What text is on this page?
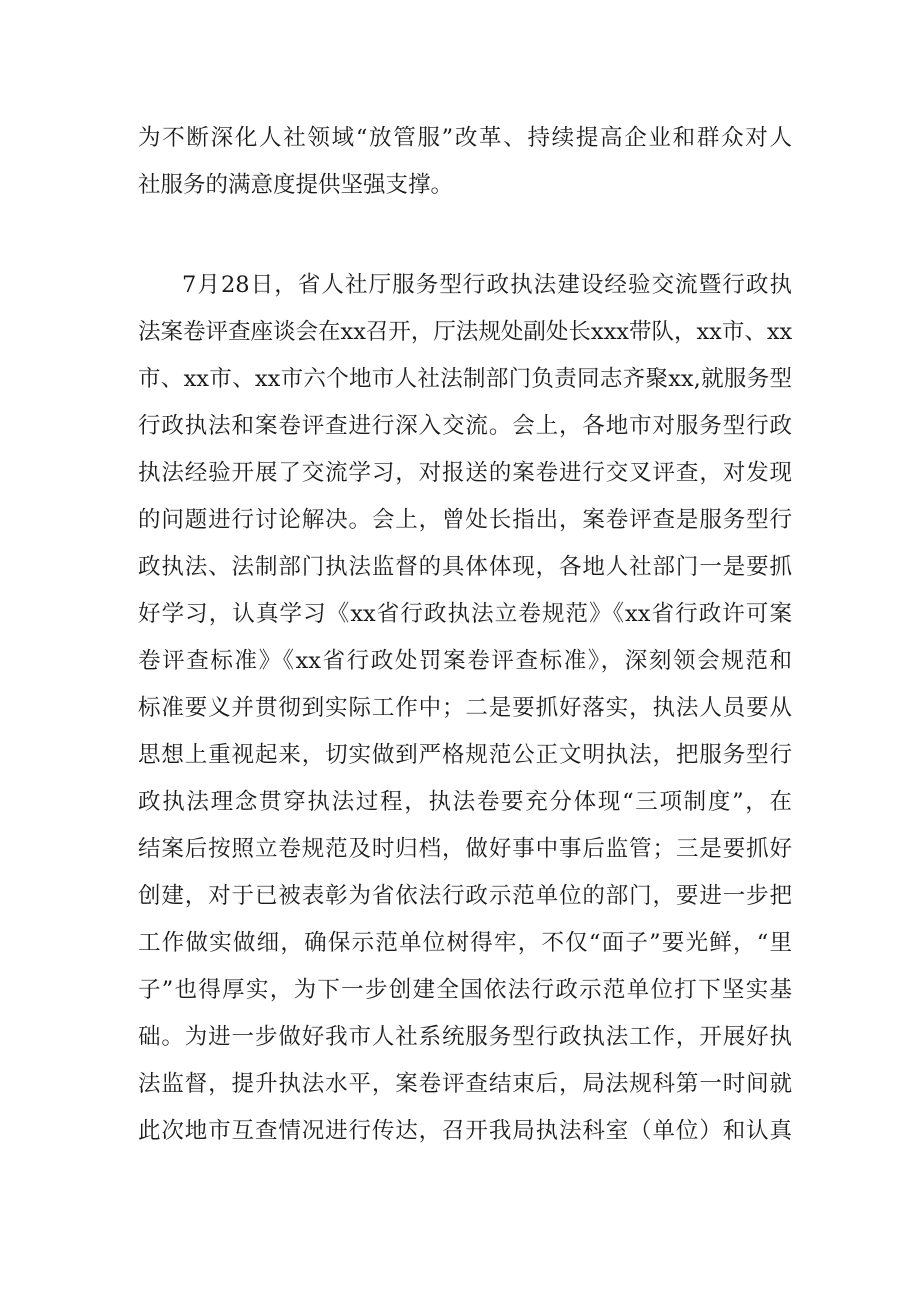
为不断深化人社领域“放管服”改革、持续提高企业和群众对人
社服务的满意度提供坚强支撑。
7月28日，省人社厅服务型行政执法建设经验交流暨行政执
法案卷评查座谈会在xx召开，厅法规处副处长xxx带队，xx市、xx
市、xx市、xx市六个地市人社法制部门负责同志齐聚xx,就服务型
行政执法和案卷评查进行深入交流。会上，各地市对服务型行政
执法经验开展了交流学习，对报送的案卷进行交叉评查，对发现
的问题进行讨论解决。会上，曾处长指出，案卷评查是服务型行
政执法、法制部门执法监督的具体体现，各地人社部门一是要抓
好学习，认真学习《xx省行政执法立卷规范》《xx省行政许可案
卷评查标准》《xx省行政处罚案卷评查标准》，深刻领会规范和
标准要义并贯彻到实际工作中；二是要抓好落实，执法人员要从
思想上重视起来，切实做到严格规范公正文明执法，把服务型行
政执法理念贯穿执法过程，执法卷要充分体现“三项制度”，在
结案后按照立卷规范及时归档，做好事中事后监管；三是要抓好
创建，对于已被表彰为省依法行政示范单位的部门，要进一步把
工作做实做细，确保示范单位树得牢，不仅“面子”要光鲜，“里
子”也得厚实，为下一步创建全国依法行政示范单位打下坚实基
础。为进一步做好我市人社系统服务型行政执法工作，开展好执
法监督，提升执法水平，案卷评查结束后，局法规科第一时间就
此次地市互查情况进行传达，召开我局执法科室（单位）和认真
